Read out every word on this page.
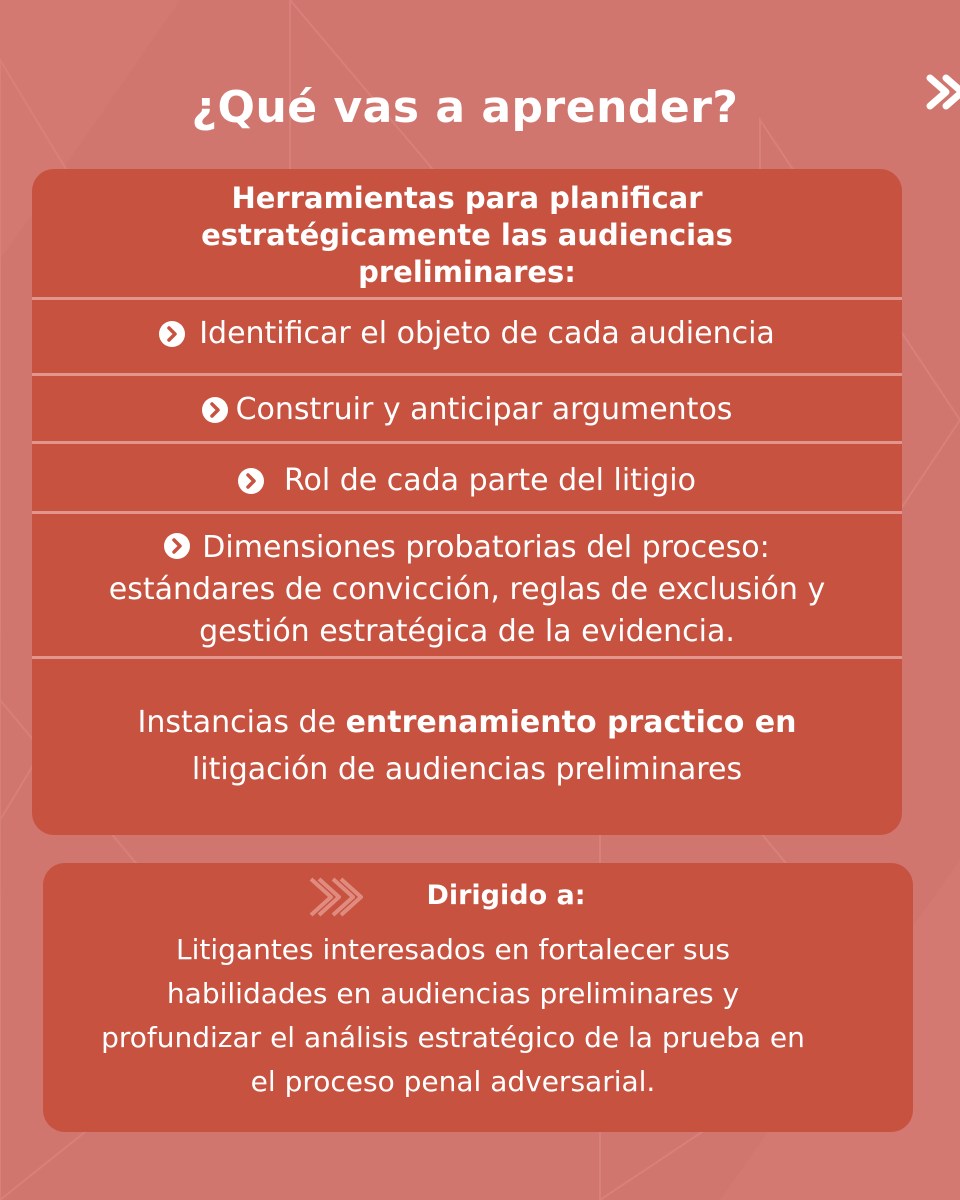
¿Qué vas a aprender?
Herramientas para planificar
estratégicamente las audiencias
preliminares:
Identificar el objeto de cada audiencia
Construir y anticipar argumentos
Rol de cada parte del litigio
Dimensiones probatorias del proceso:
estándares de convicción, reglas de exclusión y
gestión estratégica de la evidencia.
Instancias de entrenamiento practico en
litigación de audiencias preliminares
Dirigido a:
Litigantes interesados en fortalecer sus
habilidades en audiencias preliminares y
profundizar el análisis estratégico de la prueba en
el proceso penal adversarial.
